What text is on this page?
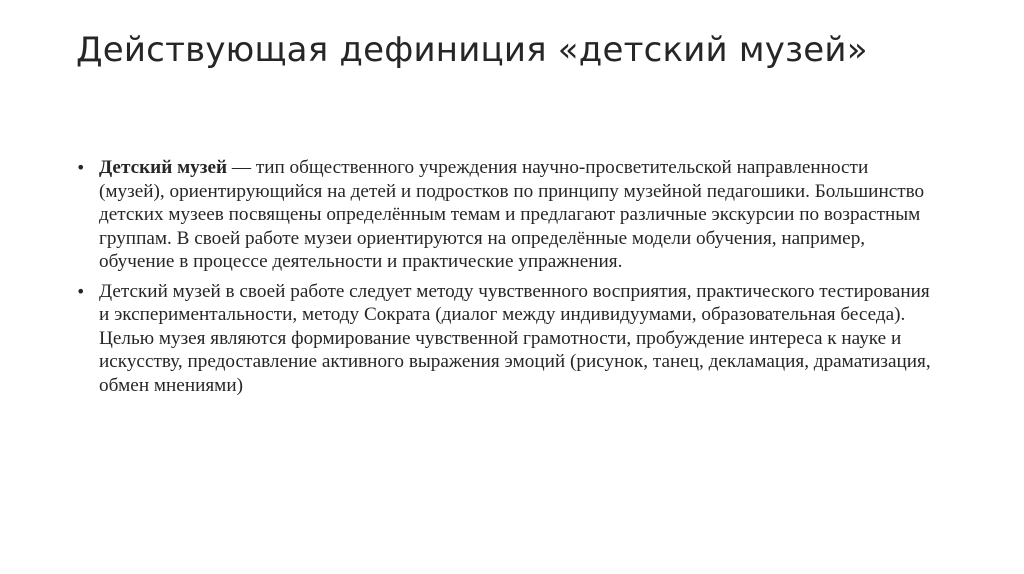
Действующая дефиниция «детский музей»
• Детский музей — тип общественного учреждения научно-просветительской направленности (музей), ориентирующийся на детей и подростков по принципу музейной педагошики. Большинство детских музеев посвящены определённым темам и предлагают различные экскурсии по возрастным группам. В своей работе музеи ориентируются на определённые модели обучения, например, обучение в процессе деятельности и практические упражнения.
• Детский музей в своей работе следует методу чувственного восприятия, практического тестирования и экспериментальности, методу Сократа (диалог между индивидуумами, образовательная беседа). Целью музея являются формирование чувственной грамотности, пробуждение интереса к науке и искусству, предоставление активного выражения эмоций (рисунок, танец, декламация, драматизация, обмен мнениями)
